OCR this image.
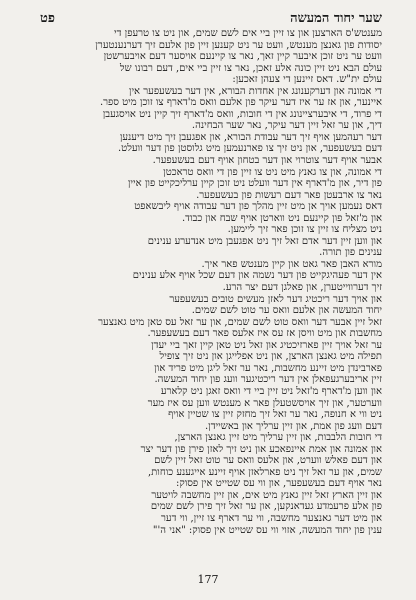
שער יחוד המעשה
פט
מענטש'ס הארצען און צו זיין ביי אים לשם שמים, און ניט צו טרעפן די
יסודות פון גאנצן מענטש, וועט ער ניט קענען זיין פון אלעם זיך דערנענטערן
וועט ער ניט זוכן איבער קיין זאך, נאר צו קיינעם אויסער דעם אויבערשטן
עולם הבא ניט זיין כונה אלע זאכן, נאר צו זיין ביי אים, דעם רבונו של
עולם ית"ש. דאס זיינען די צעהן זאכען:
די אמונה און דערקענונג אין אחדות הבורא, אין דער בעשעפער אין
איינער, און אז ער איז דער עיקר פון אלעם וואס מ'דארף צו זוכן מיט ספר.
די פרוד, די איבערציינונג אין די חובות, וואס מ'דארף זיך קיין ניט אויסגעבן
דיך, און ער זאל זיין דער עיקר, נאר שער הבחינה.
דער רעהמען אויף זיך דער עבודת הבורא, און אפגעבן זיך מיט דיענען
דעם בעשעפער, און ניט זיך צו פארנעמען מיט גלוסטן פון דער וועלט.
אבער אויף דער צוטרוי און דער בטחון אויף דעם בעשעפער.
די אמונה, און צו גאנץ מיט ניט צו זיין פון די וואס טראכטן
פון דיר, און מ'דארף אין דער וועלט ניט זוכן קיין ערליכקייט פון איין
נאר צו ארבעטן פאר דעם רעשות פון בעשעפער.
דאס נעמען אויך אן מיט זיין מהלך פון דער עבודה אויף ליבשאפט
און מ'זאל פון קיינעם ניט ווארטן אויף שבח און כבוד.
ניט מצליח צו זיין צו זוכן פאר זיך ליימען.
און ווען זיין דער אדם זאל זיך ניט אפגעבן מיט אנדערע ענינים
ענינים פון תורה.
מורא האבן פאר גאט און קיין מענטש פאר איך.
אין דער פעהיגקייט פון דער נשמה און דעם שכל אויף אלע ענינים
זיך דערווייטערן, און פאלגן דעם יצר הרע.
און אויך דער ריכטיג דער לאזן מעשים טובים בעשעפער
יחוד המעשה און אלעם וואס ער טוט לשם שמים.
זאל זיין אבער דער וואס טוט לשם שמים, און ער זאל עס טאן מיט גאנצער
מחשבות און מיט וויסן אז עס איז אלעס פאר דעם בעשעפער.
ער זאל אויך זיין פארזיכטיג און זאל ניט טאן קיין זאך ביי יעדן
תפילה מיט גאנצן הארצן, און ניט אפלייגן און ניט זיך צופיל
פארבינדן מיט זיינע מחשבות, נאר ער זאל ליגן מיט פריד און
זיין אריבערגעפאלן אין דער ריכטיגער וועג פון יחוד המעשה.
און ווען מ'דארף מ'זאל ניט זיין ביי די וואס זאגן ניט קלארע
ווערטער, און זיך אויסשטעלן פאר א מענטש ווען עס איז מער
ניט ווי א חנופה, נאר ער זאל זיך מחזק זיין צו שטיין אויף
דעם וועג פון אמת, און זיין ערליך און באשיידן.
די חובות הלבבות, און זיין ערליך מיט זיין גאנצן הארצן,
און אמונה און אמת איינפאכע און ניט זיך לאזן פירן פון דער יצר
און דעם פאלש ווערט, און אלעס וואס ער טוט זאל זיין לשם
שמים, און ער זאל זיך ניט פארלאזן אויף זיינע אייגענע כוחות,
נאר אויף דעם בעשעפער, און ווי עס שטייט אין פסוק:
און זיין הארץ זאל זיין גאנץ מיט אים, און זיין מחשבה לויטער
פון אלע פרעמדע געדאנקען, און ער זאל זיך פירן לשם שמים
און מיט דער גאנצער מחשבה, ווי ער דארף צו זיין, ווי דער
ענין פון יחוד המעשה, אזוי ווי עס שטייט אין פסוק: "אני ה'"
177
